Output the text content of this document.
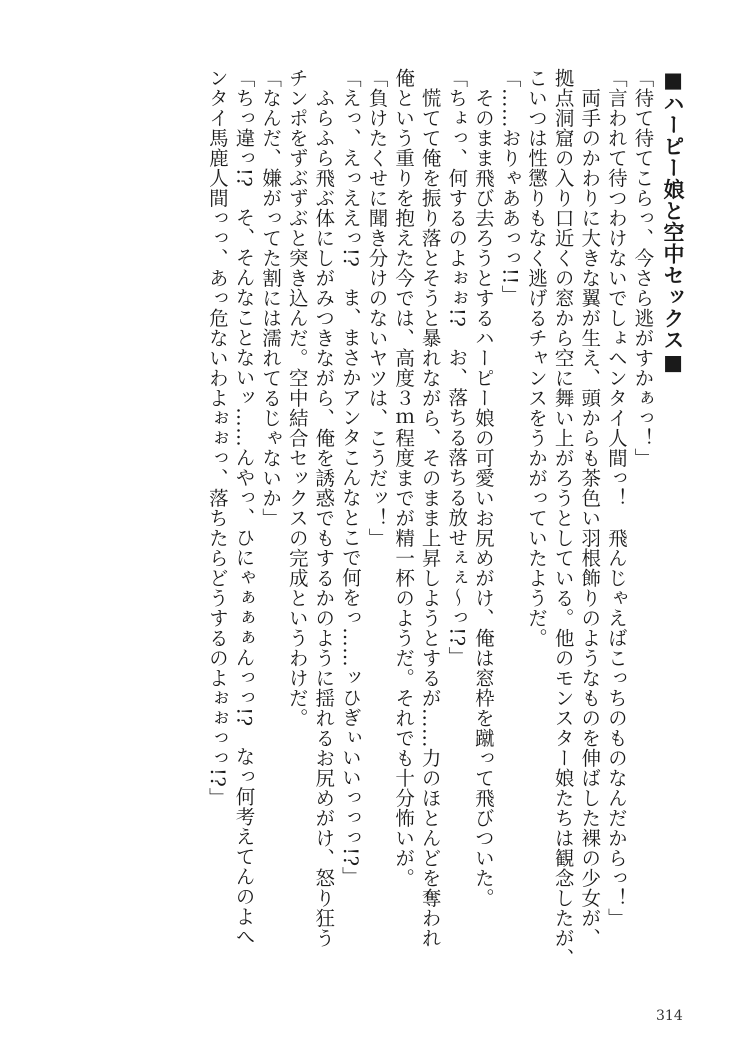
■ハーピー娘と空中セックス■
「待て待てこらっ、今さら逃がすかぁっ！」
「言われて待つわけないでしょヘンタイ人間っ！　飛んじゃえばこっちのものなんだからっ！」
　両手のかわりに大きな翼が生え、頭からも茶色い羽根飾りのようなものを伸ばした裸の少女が、
拠点洞窟の入り口近くの窓から空に舞い上がろうとしている。他のモンスター娘たちは観念したが、
こいつは性懲りもなく逃げるチャンスをうかがっていたようだ。
「……おりゃああっっ!!」
　そのまま飛び去ろうとするハーピー娘の可愛いお尻めがけ、俺は窓枠を蹴って飛びついた。
「ちょっ、何するのよぉぉ!?　お、落ちる落ちる放せぇぇ～っ!?」
　慌てて俺を振り落とそうと暴れながら、そのまま上昇しようとするが……力のほとんどを奪われ
俺という重りを抱えた今では、高度３ｍ程度までが精一杯のようだ。それでも十分怖いが。
「負けたくせに聞き分けのないヤツは、こうだッ！」
「えっ、えっええっ!?　ま、まさかアンタこんなとこで何をっ……ッひぎぃいいっっっ!?」
　ふらふら飛ぶ体にしがみつきながら、俺を誘惑でもするかのように揺れるお尻めがけ、怒り狂う
チンポをずぶずぶと突き込んだ。空中結合セックスの完成というわけだ。
「なんだ、嫌がってた割には濡れてるじゃないか」
「ちっ違っ!?　そ、そんなことないッ……んやっ、ひにゃぁぁぁんっっ!?　なっ何考えてんのよへ
ンタイ馬鹿人間っっ、あっ危ないわよぉぉっ、落ちたらどうするのよぉぉっっ!?」
314
